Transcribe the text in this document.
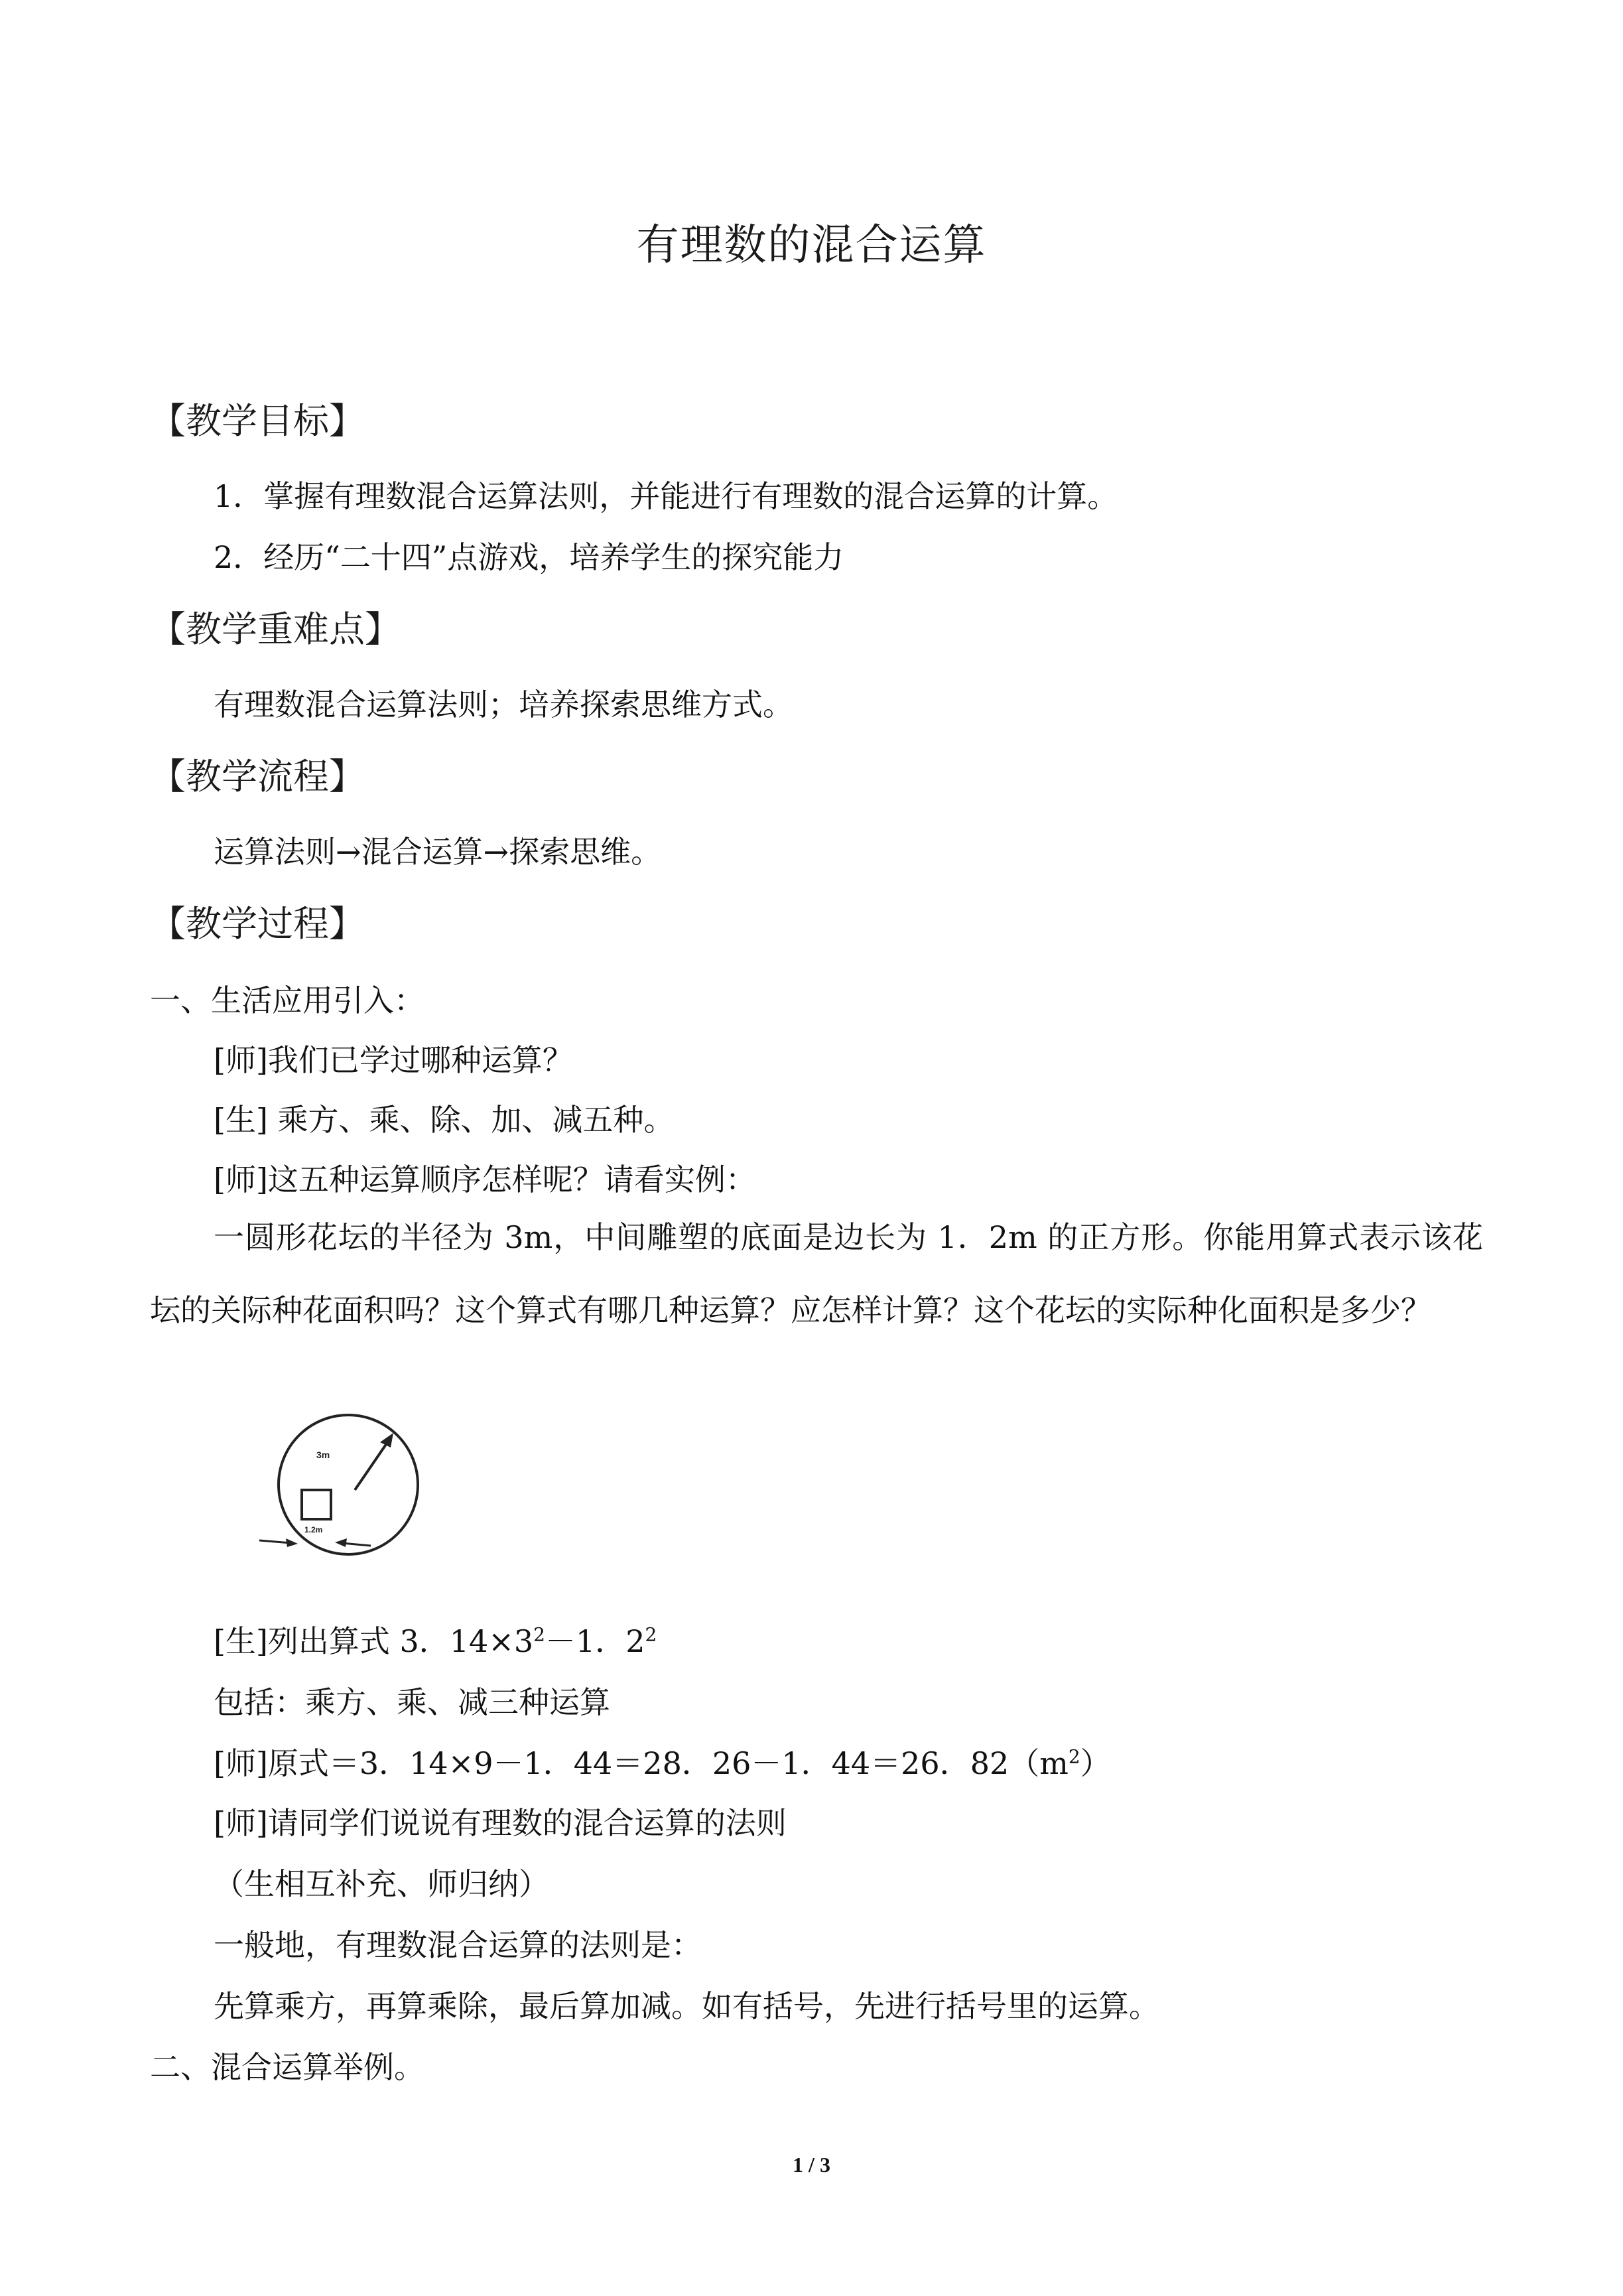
有理数的混合运算
【教学目标】
1．掌握有理数混合运算法则，并能进行有理数的混合运算的计算。
2．经历“二十四”点游戏，培养学生的探究能力
【教学重难点】
有理数混合运算法则；培养探索思维方式。
【教学流程】
运算法则→混合运算→探索思维。
【教学过程】
一、生活应用引入：
[师]我们已学过哪种运算？
[生] 乘方、乘、除、加、减五种。
[师]这五种运算顺序怎样呢？请看实例：
一圆形花坛的半径为 3m，中间雕塑的底面是边长为 1．2m 的正方形。你能用算式表示该花坛的关际种花面积吗？这个算式有哪几种运算？应怎样计算？这个花坛的实际种化面积是多少？
3m
1.2m
[生]列出算式 3．$14\times 3^2-1$．$2^2$
包括：乘方、乘、减三种运算
[师]原式＝3．14×9－1．44＝28．26－1．44＝26．$82(m^2)$
[师]请同学们说说有理数的混合运算的法则
（生相互补充、师归纳）
一般地，有理数混合运算的法则是：
先算乘方，再算乘除，最后算加减。如有括号，先进行括号里的运算。
二、混合运算举例。
1 / 3
